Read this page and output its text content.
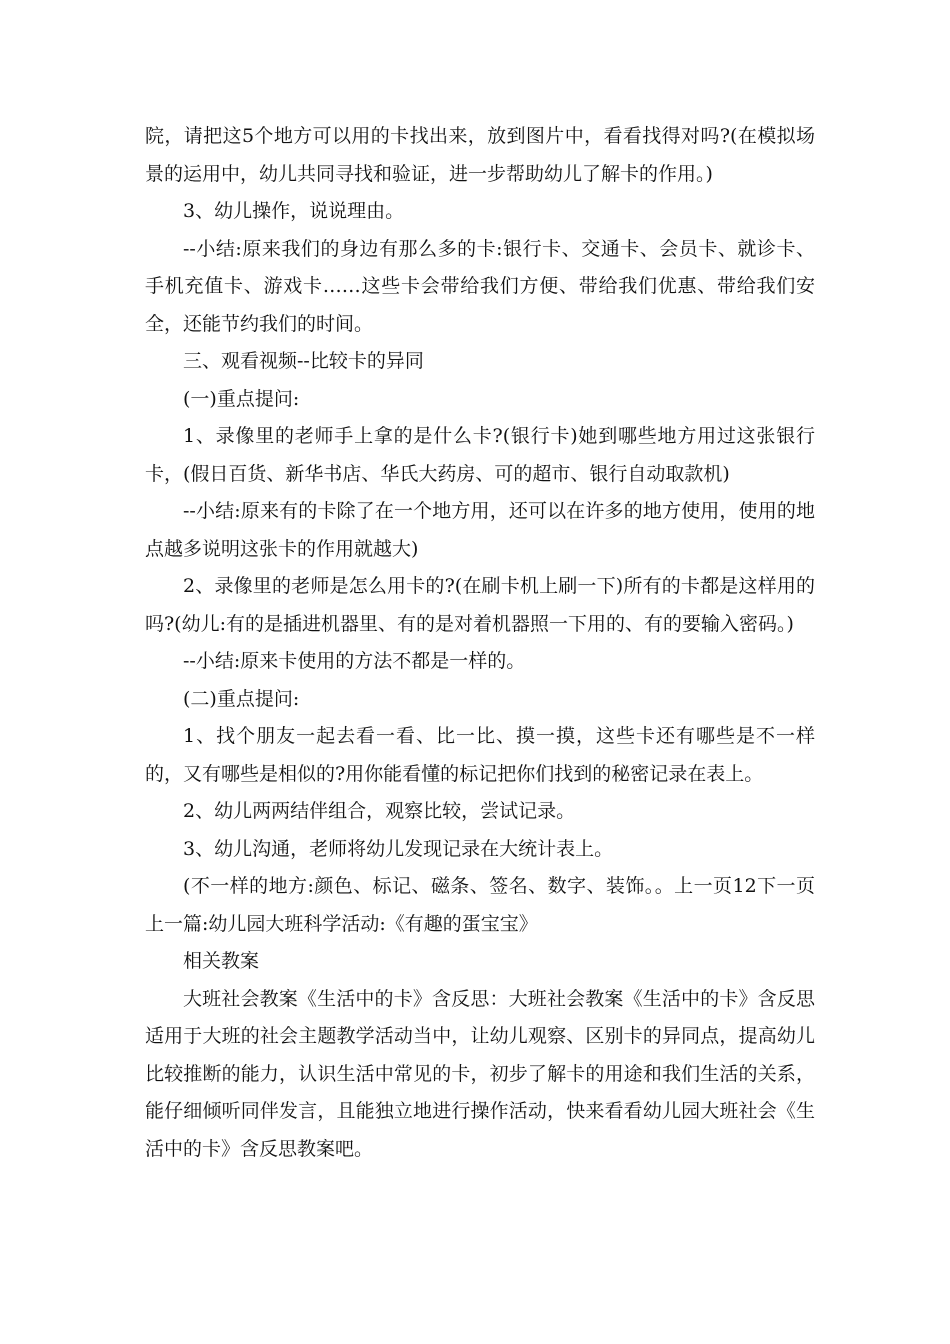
院，请把这5个地方可以用的卡找出来，放到图片中，看看找得对吗?(在模拟场景的运用中，幼儿共同寻找和验证，进一步帮助幼儿了解卡的作用。)

3、幼儿操作，说说理由。

--小结:原来我们的身边有那么多的卡:银行卡、交通卡、会员卡、就诊卡、手机充值卡、游戏卡……这些卡会带给我们方便、带给我们优惠、带给我们安全，还能节约我们的时间。

三、观看视频--比较卡的异同

(一)重点提问:

1、录像里的老师手上拿的是什么卡?(银行卡)她到哪些地方用过这张银行卡，(假日百货、新华书店、华氏大药房、可的超市、银行自动取款机)

--小结:原来有的卡除了在一个地方用，还可以在许多的地方使用，使用的地点越多说明这张卡的作用就越大)

2、录像里的老师是怎么用卡的?(在刷卡机上刷一下)所有的卡都是这样用的吗?(幼儿:有的是插进机器里、有的是对着机器照一下用的、有的要输入密码。)

--小结:原来卡使用的方法不都是一样的。

(二)重点提问:

1、找个朋友一起去看一看、比一比、摸一摸，这些卡还有哪些是不一样的，又有哪些是相似的?用你能看懂的标记把你们找到的秘密记录在表上。

2、幼儿两两结伴组合，观察比较，尝试记录。

3、幼儿沟通，老师将幼儿发现记录在大统计表上。

(不一样的地方:颜色、标记、磁条、签名、数字、装饰。。上一页12下一页上一篇:幼儿园大班科学活动:《有趣的蛋宝宝》

相关教案

大班社会教案《生活中的卡》含反思：大班社会教案《生活中的卡》含反思适用于大班的社会主题教学活动当中，让幼儿观察、区别卡的异同点，提高幼儿比较推断的能力，认识生活中常见的卡，初步了解卡的用途和我们生活的关系，能仔细倾听同伴发言，且能独立地进行操作活动，快来看看幼儿园大班社会《生活中的卡》含反思教案吧。
